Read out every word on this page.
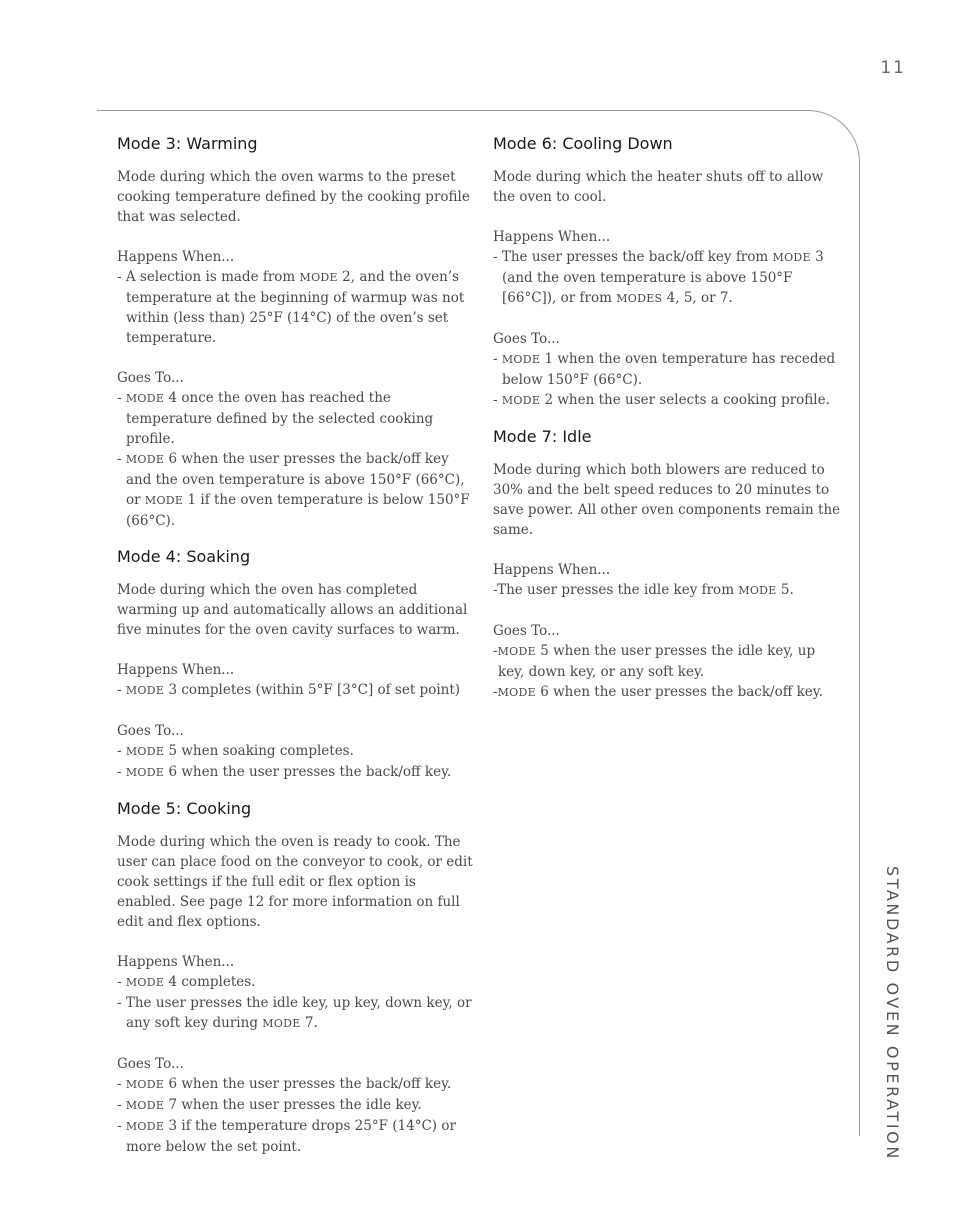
11
STANDARD OVEN OPERATION
Mode 3: Warming

Mode during which the oven warms to the preset cooking temperature defined by the cooking profile that was selected.

Happens When...

- A selection is made from MODE 2, and the oven’s temperature at the beginning of warmup was not within (less than) 25°F (14°C) of the oven’s set temperature.

Goes To...

- MODE 4 once the oven has reached the temperature defined by the selected cooking profile.
- MODE 6 when the user presses the back/off key and the oven temperature is above 150°F (66°C), or MODE 1 if the oven temperature is below 150°F (66°C).
Mode 4: Soaking

Mode during which the oven has completed warming up and automatically allows an additional five minutes for the oven cavity surfaces to warm.

Happens When...

- MODE 3 completes (within 5°F [3°C] of set point)

Goes To...

- MODE 5 when soaking completes.
- MODE 6 when the user presses the back/off key.
Mode 5: Cooking

Mode during which the oven is ready to cook. The user can place food on the conveyor to cook, or edit cook settings if the full edit or flex option is enabled. See page 12 for more information on full edit and flex options.

Happens When...

- MODE 4 completes.
- The user presses the idle key, up key, down key, or any soft key during MODE 7.

Goes To...

- MODE 6 when the user presses the back/off key.
- MODE 7 when the user presses the idle key.
- MODE 3 if the temperature drops 25°F (14°C) or more below the set point.
Mode 6: Cooling Down

Mode during which the heater shuts off to allow the oven to cool.

Happens When...

- The user presses the back/off key from MODE 3 (and the oven temperature is above 150°F [66°C]), or from MODES 4, 5, or 7.

Goes To...

- MODE 1 when the oven temperature has receded below 150°F (66°C).
- MODE 2 when the user selects a cooking profile.
Mode 7: Idle

Mode during which both blowers are reduced to 30% and the belt speed reduces to 20 minutes to save power. All other oven components remain the same.

Happens When...

-The user presses the idle key from MODE 5.

Goes To...

-MODE 5 when the user presses the idle key, up key, down key, or any soft key.
-MODE 6 when the user presses the back/off key.
